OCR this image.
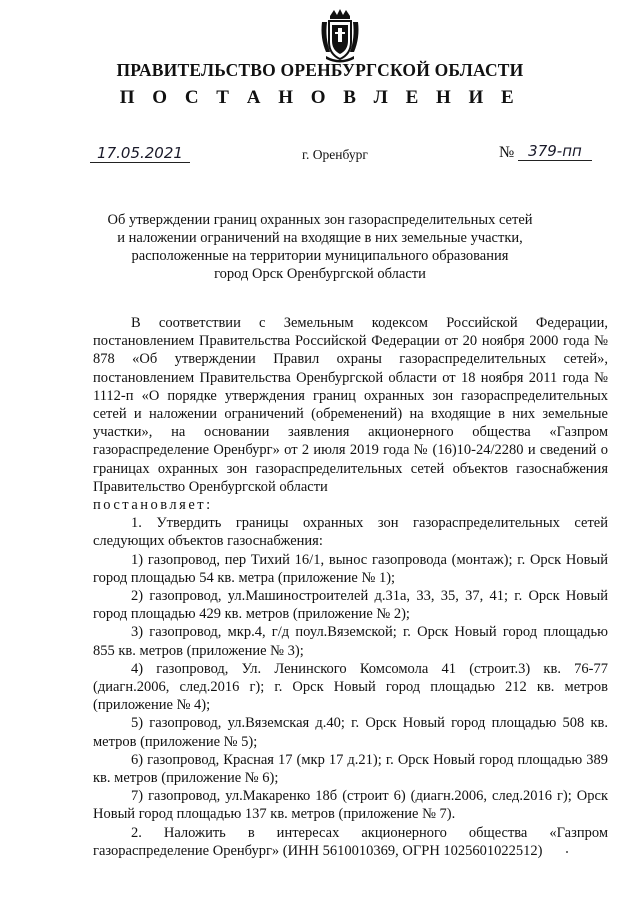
ПРАВИТЕЛЬСТВО ОРЕНБУРГСКОЙ ОБЛАСТИ
П О С Т А Н О В Л Е Н И Е
17.05.2021	г. Оренбург	№ 379-пп
Об утверждении границ охранных зон газораспределительных сетей
и наложении ограничений на входящие в них земельные участки,
расположенные на территории муниципального образования
город Орск Оренбургской области

В соответствии с Земельным кодексом Российской Федерации, постановлением Правительства Российской Федерации от 20 ноября 2000 года № 878 «Об утверждении Правил охраны газораспределительных сетей», постановлением Правительства Оренбургской области от 18 ноября 2011 года № 1112-п «О порядке утверждения границ охранных зон газораспределительных сетей и наложении ограничений (обременений) на входящие в них земельные участки», на основании заявления акционерного общества «Газпром газораспределение Оренбург» от 2 июля 2019 года № (16)10-24/2280 и сведений о границах охранных зон газораспределительных сетей объектов газоснабжения Правительство Оренбургской области

постановляет:

1. Утвердить границы охранных зон газораспределительных сетей следующих объектов газоснабжения:

1) газопровод, пер Тихий 16/1, вынос газопровода (монтаж); г. Орск Новый город площадью 54 кв. метра (приложение № 1);

2) газопровод, ул.Машиностроителей д.31а, 33, 35, 37, 41; г. Орск Новый город площадью 429 кв. метров (приложение № 2);

3) газопровод, мкр.4, г/д поул.Вяземской; г. Орск Новый город площадью 855 кв. метров (приложение № 3);

4) газопровод, Ул. Ленинского Комсомола 41 (строит.3) кв. 76-77 (диагн.2006, след.2016 г); г. Орск Новый город площадью 212 кв. метров (приложение № 4);

5) газопровод, ул.Вяземская д.40; г. Орск Новый город площадью 508 кв. метров (приложение № 5);

6) газопровод, Красная 17 (мкр 17 д.21); г. Орск Новый город площадью 389 кв. метров (приложение № 6);

7) газопровод, ул.Макаренко 18б (строит 6) (диагн.2006, след.2016 г); Орск Новый город площадью 137 кв. метров (приложение № 7).

2. Наложить в интересах акционерного общества «Газпром газораспределение Оренбург» (ИНН 5610010369, ОГРН 1025601022512)
